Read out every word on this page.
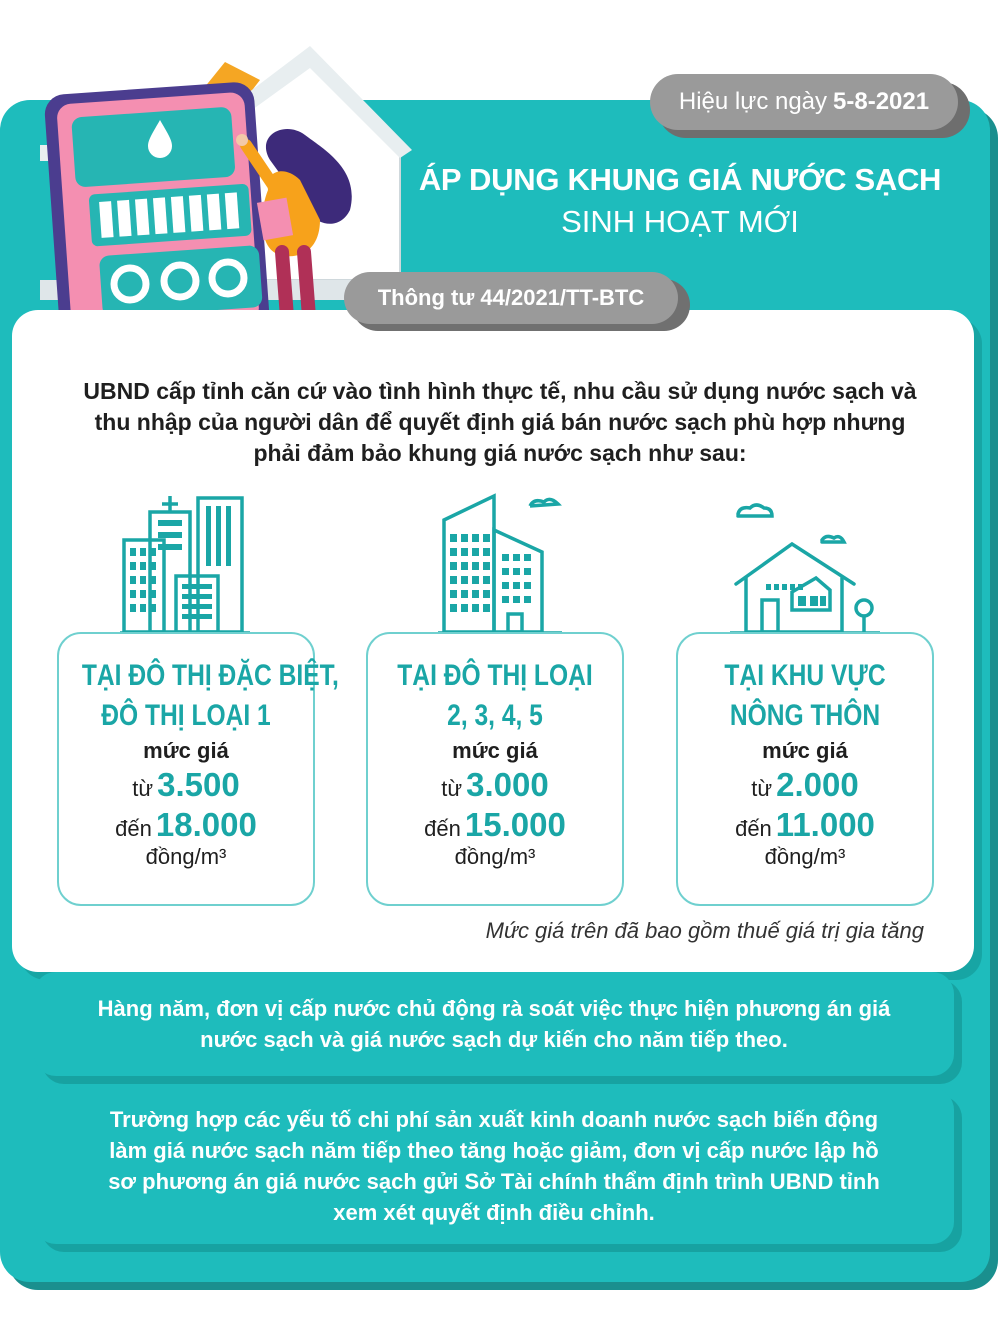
Hiệu lực ngày 5-8-2021
ÁP DỤNG KHUNG GIÁ NƯỚC SẠCH
SINH HOẠT MỚI
Thông tư 44/2021/TT-BTC
UBND cấp tỉnh căn cứ vào tình hình thực tế, nhu cầu sử dụng nước sạch và thu nhập của người dân để quyết định giá bán nước sạch phù hợp nhưng phải đảm bảo khung giá nước sạch như sau:
TẠI ĐÔ THỊ ĐẶC BIỆT,
ĐÔ THỊ LOẠI 1
mức giá
từ 3.500
đến 18.000
đồng/m³
TẠI ĐÔ THỊ LOẠI
2, 3, 4, 5
mức giá
từ 3.000
đến 15.000
đồng/m³
TẠI KHU VỰC
NÔNG THÔN
mức giá
từ 2.000
đến 11.000
đồng/m³
Mức giá trên đã bao gồm thuế giá trị gia tăng
Hàng năm, đơn vị cấp nước chủ động rà soát việc thực hiện phương án giá nước sạch và giá nước sạch dự kiến cho năm tiếp theo.
Trường hợp các yếu tố chi phí sản xuất kinh doanh nước sạch biến động làm giá nước sạch năm tiếp theo tăng hoặc giảm, đơn vị cấp nước lập hồ sơ phương án giá nước sạch gửi Sở Tài chính thẩm định trình UBND tỉnh xem xét quyết định điều chỉnh.
